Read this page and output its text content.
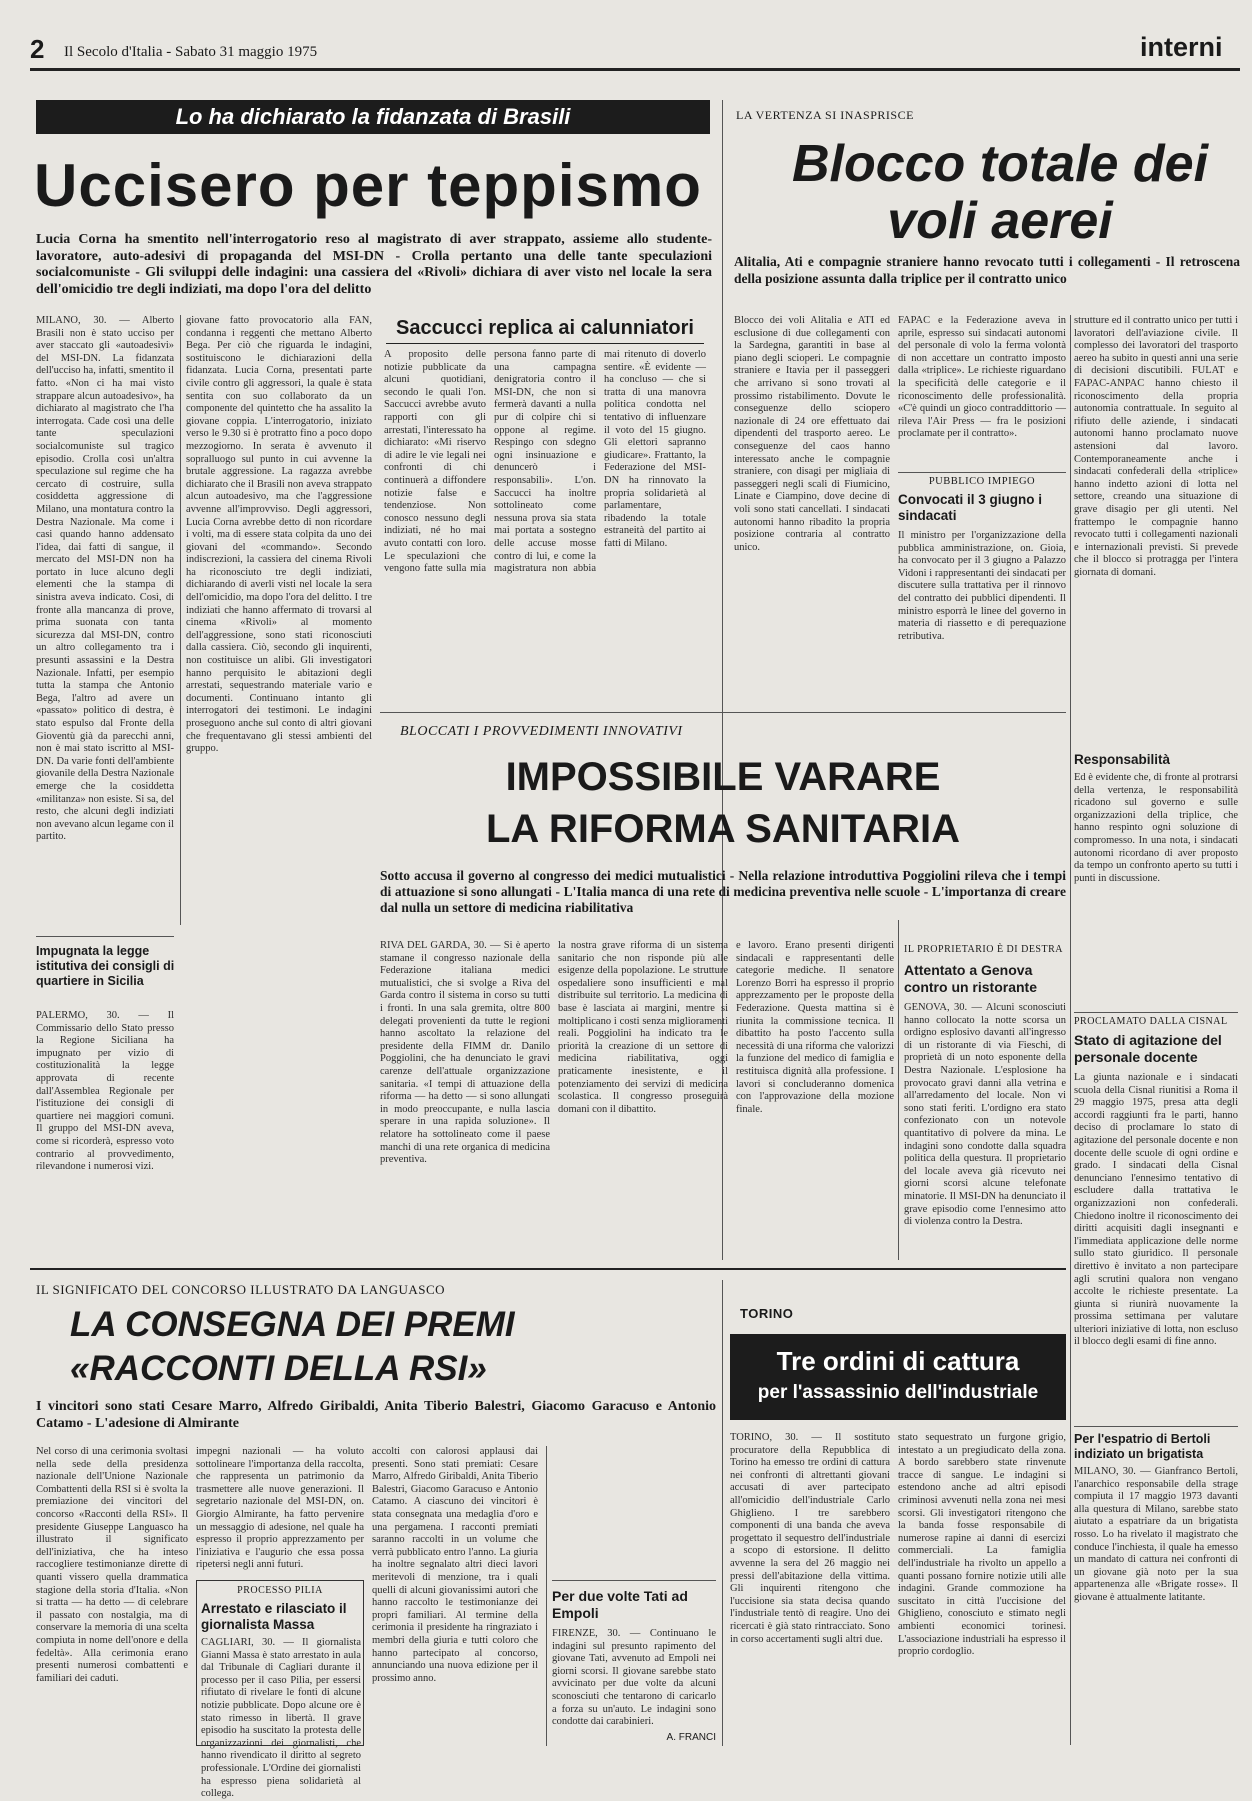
2 Il Secolo d'Italia - Sabato 31 maggio 1975	interni
Lo ha dichiarato la fidanzata di Brasili
Uccisero per teppismo
Lucia Corna ha smentito nell'interrogatorio reso al magistrato di aver strappato, assieme allo studente-lavoratore, auto-adesivi di propaganda del MSI-DN - Crolla pertanto una delle tante speculazioni socialcomuniste - Gli sviluppi delle indagini: una cassiera del «Rivoli» dichiara di aver visto nel locale la sera dell'omicidio tre degli indiziati, ma dopo l'ora del delitto
MILANO, 30. — Alberto Brasili non è stato ucciso per aver staccato gli «autoadesivi» del MSI-DN. La fidanzata dell'ucciso ha, infatti, smentito il fatto. «Non ci ha mai visto strappare alcun autoadesivo», ha dichiarato al magistrato che l'ha interrogata. Cade così una delle tante speculazioni socialcomuniste sul tragico episodio. Crolla così un'altra speculazione sul regime che ha cercato di costruire, sulla cosiddetta aggressione di Milano, una montatura contro la Destra Nazionale. Ma come i casi quando hanno addensato l'idea, dai fatti di sangue, il mercato del MSI-DN non ha portato in luce alcuno degli elementi che la stampa di sinistra aveva indicato. Così, di fronte alla mancanza di prove, prima suonata con tanta sicurezza dal MSI-DN, contro un altro collegamento tra i presunti assassini e la Destra Nazionale. Infatti, per esempio tutta la stampa che Antonio Bega, l'altro ad avere un «passato» politico di destra, è stato espulso dal Fronte della Gioventù già da parecchi anni, non è mai stato iscritto al MSI-DN. Da varie fonti dell'ambiente giovanile della Destra Nazionale emerge che la cosiddetta «militanza» non esiste. Si sa, del resto, che alcuni degli indiziati non avevano alcun legame con il partito.
giovane fatto provocatorio alla FAN, condanna i reggenti che mettano Alberto Bega. Per ciò che riguarda le indagini, sostituiscono le dichiarazioni della fidanzata. Lucia Corna, presentati parte civile contro gli aggressori, la quale è stata sentita con suo collaborato da un componente del quintetto che ha assalito la giovane coppia. L'interrogatorio, iniziato verso le 9.30 si è protratto fino a poco dopo mezzogiorno. In serata è avvenuto il sopralluogo sul punto in cui avvenne la brutale aggressione. La ragazza avrebbe dichiarato che il Brasili non aveva strappato alcun autoadesivo, ma che l'aggressione avvenne all'improvviso. Degli aggressori, Lucia Corna avrebbe detto di non ricordare i volti, ma di essere stata colpita da uno dei giovani del «commando». Secondo indiscrezioni, la cassiera del cinema Rivoli ha riconosciuto tre degli indiziati, dichiarando di averli visti nel locale la sera dell'omicidio, ma dopo l'ora del delitto. I tre indiziati che hanno affermato di trovarsi al cinema «Rivoli» al momento dell'aggressione, sono stati riconosciuti dalla cassiera. Ciò, secondo gli inquirenti, non costituisce un alibi. Gli investigatori hanno perquisito le abitazioni degli arrestati, sequestrando materiale vario e documenti. Continuano intanto gli interrogatori dei testimoni. Le indagini proseguono anche sul conto di altri giovani che frequentavano gli stessi ambienti del gruppo.
Saccucci replica ai calunniatori
A proposito delle notizie pubblicate da alcuni quotidiani, secondo le quali l'on. Saccucci avrebbe avuto rapporti con gli arrestati, l'interessato ha dichiarato: «Mi riservo di adire le vie legali nei confronti di chi continuerà a diffondere notizie false e tendenziose. Non conosco nessuno degli indiziati, né ho mai avuto contatti con loro. Le speculazioni che vengono fatte sulla mia persona fanno parte di una campagna denigratoria contro il MSI-DN, che non si fermerà davanti a nulla pur di colpire chi si oppone al regime. Respingo con sdegno ogni insinuazione e denuncerò i responsabili». L'on. Saccucci ha inoltre sottolineato come nessuna prova sia stata mai portata a sostegno delle accuse mosse contro di lui, e come la magistratura non abbia mai ritenuto di doverlo sentire. «È evidente — ha concluso — che si tratta di una manovra politica condotta nel tentativo di influenzare il voto del 15 giugno. Gli elettori sapranno giudicare». Frattanto, la Federazione del MSI-DN ha rinnovato la propria solidarietà al parlamentare, ribadendo la totale estraneità del partito ai fatti di Milano.
Impugnata la legge istitutiva dei consigli di quartiere in Sicilia
PALERMO, 30. — Il Commissario dello Stato presso la Regione Siciliana ha impugnato per vizio di costituzionalità la legge approvata di recente dall'Assemblea Regionale per l'istituzione dei consigli di quartiere nei maggiori comuni. Il gruppo del MSI-DN aveva, come si ricorderà, espresso voto contrario al provvedimento, rilevandone i numerosi vizi.
LA VERTENZA SI INASPRISCE
Blocco totale dei voli aerei
Alitalia, Ati e compagnie straniere hanno revocato tutti i collegamenti - Il retroscena della posizione assunta dalla triplice per il contratto unico
Blocco dei voli Alitalia e ATI ed esclusione di due collegamenti con la Sardegna, garantiti in base al piano degli scioperi. Le compagnie straniere e Itavia per il passeggeri che arrivano si sono trovati al prossimo ristabilimento. Dovute le conseguenze dello sciopero nazionale di 24 ore effettuato dai dipendenti del trasporto aereo. Le conseguenze del caos hanno interessato anche le compagnie straniere, con disagi per migliaia di passeggeri negli scali di Fiumicino, Linate e Ciampino, dove decine di voli sono stati cancellati. I sindacati autonomi hanno ribadito la propria posizione contraria al contratto unico.
FAPAC e la Federazione aveva in aprile, espresso sui sindacati autonomi del personale di volo la ferma volontà di non accettare un contratto imposto dalla «triplice». Le richieste riguardano la specificità delle categorie e il riconoscimento delle professionalità. «C'è quindi un gioco contraddittorio — rileva l'Air Press — fra le posizioni proclamate per il contratto».
PUBBLICO IMPIEGO
Convocati il 3 giugno i sindacati
Il ministro per l'organizzazione della pubblica amministrazione, on. Gioia, ha convocato per il 3 giugno a Palazzo Vidoni i rappresentanti dei sindacati per discutere sulla trattativa per il rinnovo del contratto dei pubblici dipendenti. Il ministro esporrà le linee del governo in materia di riassetto e di perequazione retributiva.
strutture ed il contratto unico per tutti i lavoratori dell'aviazione civile. Il complesso dei lavoratori del trasporto aereo ha subito in questi anni una serie di decisioni discutibili. FULAT e FAPAC-ANPAC hanno chiesto il riconoscimento della propria autonomia contrattuale. In seguito al rifiuto delle aziende, i sindacati autonomi hanno proclamato nuove astensioni dal lavoro. Contemporaneamente anche i sindacati confederali della «triplice» hanno indetto azioni di lotta nel settore, creando una situazione di grave disagio per gli utenti. Nel frattempo le compagnie hanno revocato tutti i collegamenti nazionali e internazionali previsti. Si prevede che il blocco si protragga per l'intera giornata di domani.
Responsabilità
Ed è evidente che, di fronte al protrarsi della vertenza, le responsabilità ricadono sul governo e sulle organizzazioni della triplice, che hanno respinto ogni soluzione di compromesso. In una nota, i sindacati autonomi ricordano di aver proposto da tempo un confronto aperto su tutti i punti in discussione.
BLOCCATI I PROVVEDIMENTI INNOVATIVI
IMPOSSIBILE VARARE
LA RIFORMA SANITARIA
Sotto accusa il governo al congresso dei medici mutualistici - Nella relazione introduttiva Poggiolini rileva che i tempi di attuazione si sono allungati - L'Italia manca di una rete di medicina preventiva nelle scuole - L'importanza di creare dal nulla un settore di medicina riabilitativa
RIVA DEL GARDA, 30. — Si è aperto stamane il congresso nazionale della Federazione italiana medici mutualistici, che si svolge a Riva del Garda contro il sistema in corso su tutti i fronti. In una sala gremita, oltre 800 delegati provenienti da tutte le regioni hanno ascoltato la relazione del presidente della FIMM dr. Danilo Poggiolini, che ha denunciato le gravi carenze dell'attuale organizzazione sanitaria. «I tempi di attuazione della riforma — ha detto — si sono allungati in modo preoccupante, e nulla lascia sperare in una rapida soluzione». Il relatore ha sottolineato come il paese manchi di una rete organica di medicina preventiva.
la nostra grave riforma di un sistema sanitario che non risponde più alle esigenze della popolazione. Le strutture ospedaliere sono insufficienti e mal distribuite sul territorio. La medicina di base è lasciata ai margini, mentre si moltiplicano i costi senza miglioramenti reali. Poggiolini ha indicato tra le priorità la creazione di un settore di medicina riabilitativa, oggi praticamente inesistente, e il potenziamento dei servizi di medicina scolastica. Il congresso proseguirà domani con il dibattito.
e lavoro. Erano presenti dirigenti sindacali e rappresentanti delle categorie mediche. Il senatore Lorenzo Borri ha espresso il proprio apprezzamento per le proposte della Federazione. Questa mattina si è riunita la commissione tecnica. Il dibattito ha posto l'accento sulla necessità di una riforma che valorizzi la funzione del medico di famiglia e restituisca dignità alla professione. I lavori si concluderanno domenica con l'approvazione della mozione finale.
IL PROPRIETARIO È DI DESTRA
Attentato a Genova contro un ristorante
GENOVA, 30. — Alcuni sconosciuti hanno collocato la notte scorsa un ordigno esplosivo davanti all'ingresso di un ristorante di via Fieschi, di proprietà di un noto esponente della Destra Nazionale. L'esplosione ha provocato gravi danni alla vetrina e all'arredamento del locale. Non vi sono stati feriti. L'ordigno era stato confezionato con un notevole quantitativo di polvere da mina. Le indagini sono condotte dalla squadra politica della questura. Il proprietario del locale aveva già ricevuto nei giorni scorsi alcune telefonate minatorie. Il MSI-DN ha denunciato il grave episodio come l'ennesimo atto di violenza contro la Destra.
PROCLAMATO DALLA CISNAL
Stato di agitazione del personale docente
La giunta nazionale e i sindacati scuola della Cisnal riunitisi a Roma il 29 maggio 1975, presa atta degli accordi raggiunti fra le parti, hanno deciso di proclamare lo stato di agitazione del personale docente e non docente delle scuole di ogni ordine e grado. I sindacati della Cisnal denunciano l'ennesimo tentativo di escludere dalla trattativa le organizzazioni non confederali. Chiedono inoltre il riconoscimento dei diritti acquisiti dagli insegnanti e l'immediata applicazione delle norme sullo stato giuridico. Il personale direttivo è invitato a non partecipare agli scrutini qualora non vengano accolte le richieste presentate. La giunta si riunirà nuovamente la prossima settimana per valutare ulteriori iniziative di lotta, non escluso il blocco degli esami di fine anno.
Per l'espatrio di Bertoli indiziato un brigatista
MILANO, 30. — Gianfranco Bertoli, l'anarchico responsabile della strage compiuta il 17 maggio 1973 davanti alla questura di Milano, sarebbe stato aiutato a espatriare da un brigatista rosso. Lo ha rivelato il magistrato che conduce l'inchiesta, il quale ha emesso un mandato di cattura nei confronti di un giovane già noto per la sua appartenenza alle «Brigate rosse». Il giovane è attualmente latitante.
IL SIGNIFICATO DEL CONCORSO ILLUSTRATO DA LANGUASCO
LA CONSEGNA DEI PREMI
«RACCONTI DELLA RSI»
I vincitori sono stati Cesare Marro, Alfredo Giribaldi, Anita Tiberio Balestri, Giacomo Garacuso e Antonio Catamo - L'adesione di Almirante
Nel corso di una cerimonia svoltasi nella sede della presidenza nazionale dell'Unione Nazionale Combattenti della RSI si è svolta la premiazione dei vincitori del concorso «Racconti della RSI». Il presidente Giuseppe Languasco ha illustrato il significato dell'iniziativa, che ha inteso raccogliere testimonianze dirette di quanti vissero quella drammatica stagione della storia d'Italia. «Non si tratta — ha detto — di celebrare il passato con nostalgia, ma di conservare la memoria di una scelta compiuta in nome dell'onore e della fedeltà». Alla cerimonia erano presenti numerosi combattenti e familiari dei caduti.
impegni nazionali — ha voluto sottolineare l'importanza della raccolta, che rappresenta un patrimonio da trasmettere alle nuove generazioni. Il segretario nazionale del MSI-DN, on. Giorgio Almirante, ha fatto pervenire un messaggio di adesione, nel quale ha espresso il proprio apprezzamento per l'iniziativa e l'augurio che essa possa ripetersi negli anni futuri.
accolti con calorosi applausi dai presenti. Sono stati premiati: Cesare Marro, Alfredo Giribaldi, Anita Tiberio Balestri, Giacomo Garacuso e Antonio Catamo. A ciascuno dei vincitori è stata consegnata una medaglia d'oro e una pergamena. I racconti premiati saranno raccolti in un volume che verrà pubblicato entro l'anno. La giuria ha inoltre segnalato altri dieci lavori meritevoli di menzione, tra i quali quelli di alcuni giovanissimi autori che hanno raccolto le testimonianze dei propri familiari. Al termine della cerimonia il presidente ha ringraziato i membri della giuria e tutti coloro che hanno partecipato al concorso, annunciando una nuova edizione per il prossimo anno.
PROCESSO PILIA
Arrestato e rilasciato il giornalista Massa
CAGLIARI, 30. — Il giornalista Gianni Massa è stato arrestato in aula dal Tribunale di Cagliari durante il processo per il caso Pilia, per essersi rifiutato di rivelare le fonti di alcune notizie pubblicate. Dopo alcune ore è stato rimesso in libertà. Il grave episodio ha suscitato la protesta delle organizzazioni dei giornalisti, che hanno rivendicato il diritto al segreto professionale. L'Ordine dei giornalisti ha espresso piena solidarietà al collega.
TORINO
Tre ordini di cattura
per l'assassinio dell'industriale
TORINO, 30. — Il sostituto procuratore della Repubblica di Torino ha emesso tre ordini di cattura nei confronti di altrettanti giovani accusati di aver partecipato all'omicidio dell'industriale Carlo Ghiglieno. I tre sarebbero componenti di una banda che aveva progettato il sequestro dell'industriale a scopo di estorsione. Il delitto avvenne la sera del 26 maggio nei pressi dell'abitazione della vittima. Gli inquirenti ritengono che l'uccisione sia stata decisa quando l'industriale tentò di reagire. Uno dei ricercati è già stato rintracciato. Sono in corso accertamenti sugli altri due.
stato sequestrato un furgone grigio, intestato a un pregiudicato della zona. A bordo sarebbero state rinvenute tracce di sangue. Le indagini si estendono anche ad altri episodi criminosi avvenuti nella zona nei mesi scorsi. Gli investigatori ritengono che la banda fosse responsabile di numerose rapine ai danni di esercizi commerciali. La famiglia dell'industriale ha rivolto un appello a quanti possano fornire notizie utili alle indagini. Grande commozione ha suscitato in città l'uccisione del Ghiglieno, conosciuto e stimato negli ambienti economici torinesi. L'associazione industriali ha espresso il proprio cordoglio.
Per due volte Tati ad Empoli
FIRENZE, 30. — Continuano le indagini sul presunto rapimento del giovane Tati, avvenuto ad Empoli nei giorni scorsi. Il giovane sarebbe stato avvicinato per due volte da alcuni sconosciuti che tentarono di caricarlo a forza su un'auto. Le indagini sono condotte dai carabinieri.
A. FRANCI
